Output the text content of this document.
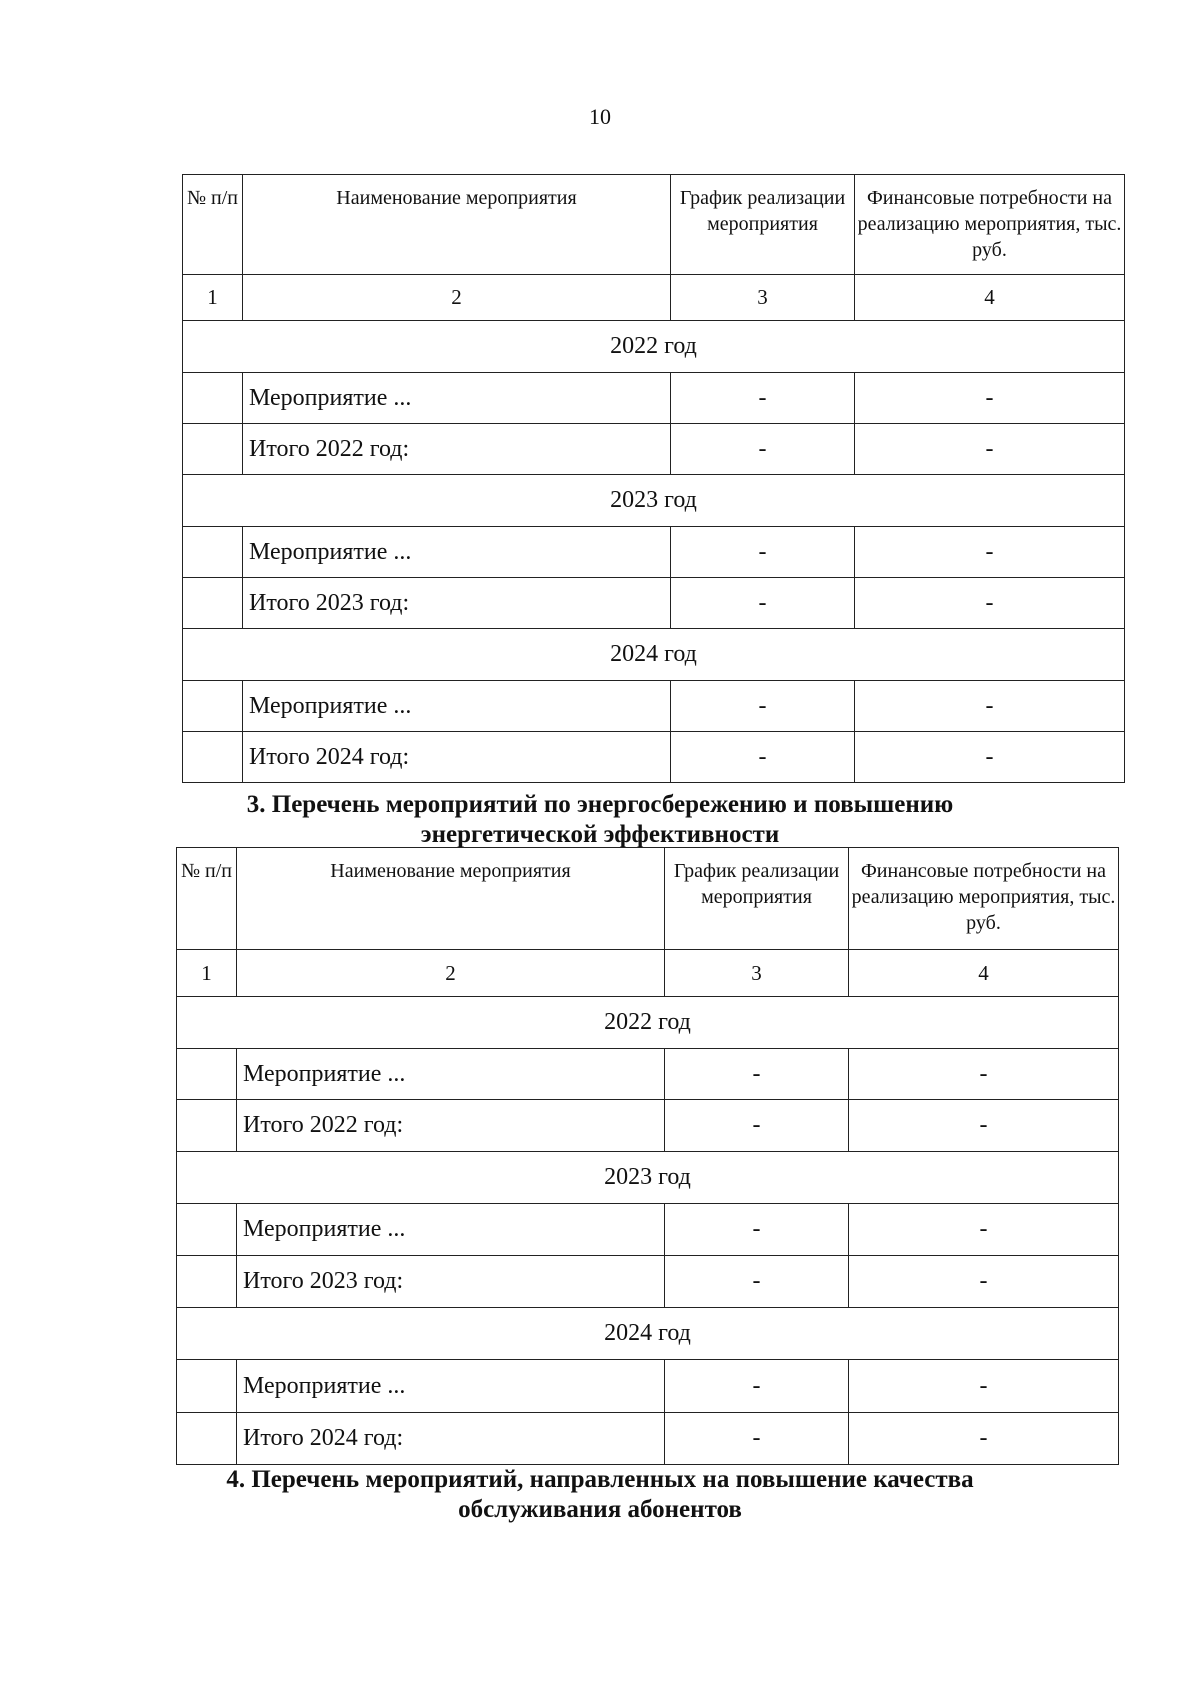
10
№ п/п	Наименование мероприятия	График реализации мероприятия	Финансовые потребности на реализацию мероприятия, тыс. руб.
1	2	3	4
2022 год			
	Мероприятие ...	-	-
	Итого 2022 год:	-	-
2023 год			
	Мероприятие ...	-	-
	Итого 2023 год:	-	-
2024 год			
	Мероприятие ...	-	-
	Итого 2024 год:	-	-
3. Перечень мероприятий по энергосбережению и повышению
энергетической эффективности
№ п/п	Наименование мероприятия	График реализации мероприятия	Финансовые потребности на реализацию мероприятия, тыс. руб.
1	2	3	4
2022 год			
	Мероприятие ...	-	-
	Итого 2022 год:	-	-
2023 год			
	Мероприятие ...	-	-
	Итого 2023 год:	-	-
2024 год			
	Мероприятие ...	-	-
	Итого 2024 год:	-	-
4. Перечень мероприятий, направленных на повышение качества
обслуживания абонентов
